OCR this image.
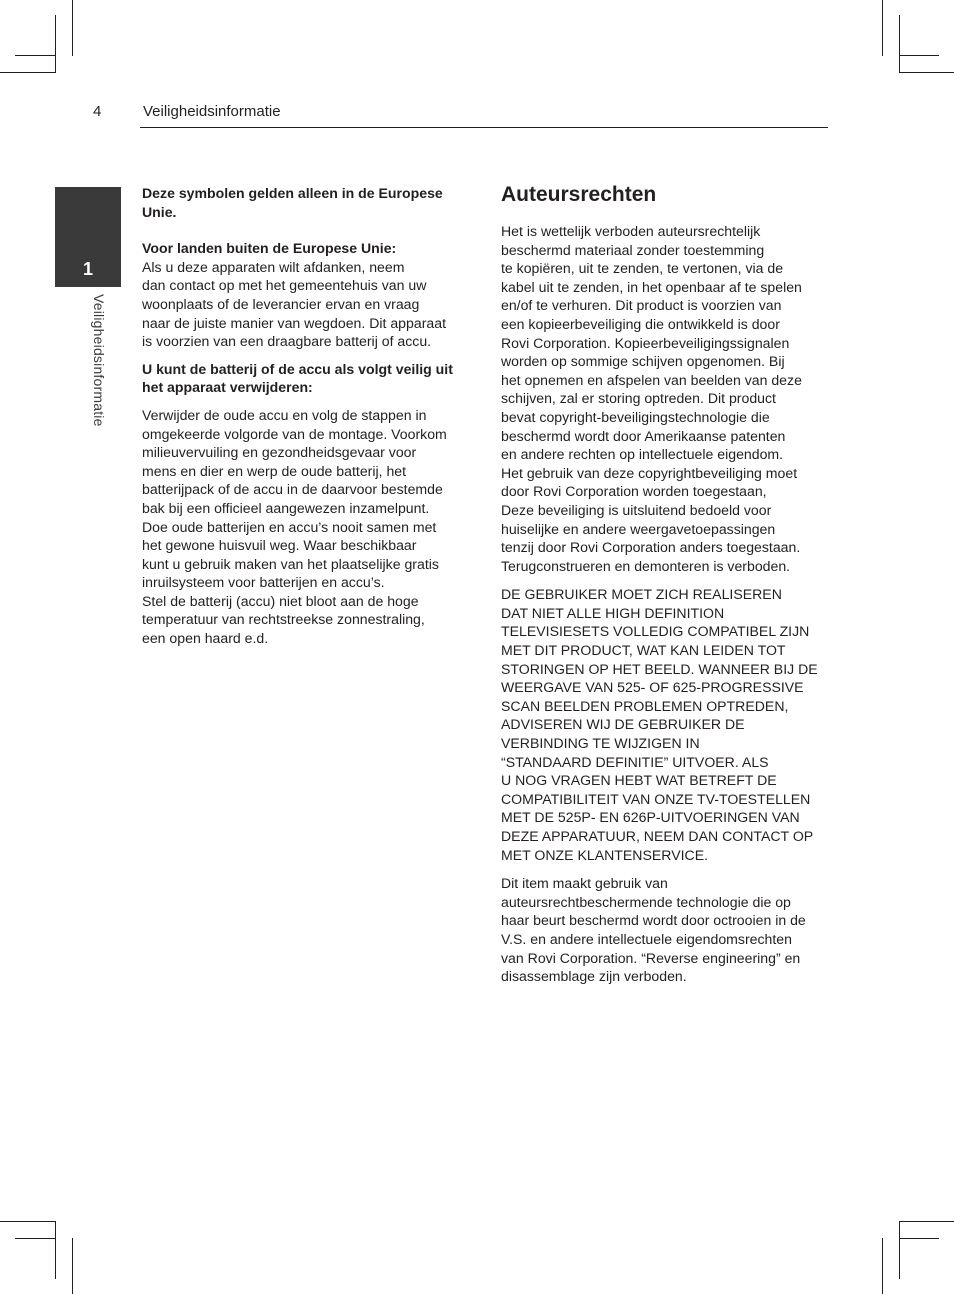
4	Veiligheidsinformatie
1
Veiligheidsinformatie

Deze symbolen gelden alleen in de Europese
Unie.

Voor landen buiten de Europese Unie:

Als u deze apparaten wilt afdanken, neem
dan contact op met het gemeentehuis van uw
woonplaats of de leverancier ervan en vraag
naar de juiste manier van wegdoen. Dit apparaat
is voorzien van een draagbare batterij of accu.

U kunt de batterij of de accu als volgt veilig uit
het apparaat verwijderen:

Verwijder de oude accu en volg de stappen in
omgekeerde volgorde van de montage. Voorkom
milieuvervuiling en gezondheidsgevaar voor
mens en dier en werp de oude batterij, het
batterijpack of de accu in de daarvoor bestemde
bak bij een officieel aangewezen inzamelpunt.
Doe oude batterijen en accu’s nooit samen met
het gewone huisvuil weg. Waar beschikbaar
kunt u gebruik maken van het plaatselijke gratis
inruilsysteem voor batterijen en accu’s.
Stel de batterij (accu) niet bloot aan de hoge
temperatuur van rechtstreekse zonnestraling,
een open haard e.d.

Auteursrechten

Het is wettelijk verboden auteursrechtelijk
beschermd materiaal zonder toestemming
te kopiëren, uit te zenden, te vertonen, via de
kabel uit te zenden, in het openbaar af te spelen
en/of te verhuren. Dit product is voorzien van
een kopieerbeveiliging die ontwikkeld is door
Rovi Corporation. Kopieerbeveiligingssignalen
worden op sommige schijven opgenomen. Bij
het opnemen en afspelen van beelden van deze
schijven, zal er storing optreden. Dit product
bevat copyright-beveiligingstechnologie die
beschermd wordt door Amerikaanse patenten
en andere rechten op intellectuele eigendom.
Het gebruik van deze copyrightbeveiliging moet
door Rovi Corporation worden toegestaan,
Deze beveiliging is uitsluitend bedoeld voor
huiselijke en andere weergavetoepassingen
tenzij door Rovi Corporation anders toegestaan.
Terugconstrueren en demonteren is verboden.

DE GEBRUIKER MOET ZICH REALISEREN
DAT NIET ALLE HIGH DEFINITION
TELEVISIESETS VOLLEDIG COMPATIBEL ZIJN
MET DIT PRODUCT, WAT KAN LEIDEN TOT
STORINGEN OP HET BEELD. WANNEER BIJ DE
WEERGAVE VAN 525- OF 625-PROGRESSIVE
SCAN BEELDEN PROBLEMEN OPTREDEN,
ADVISEREN WIJ DE GEBRUIKER DE
VERBINDING TE WIJZIGEN IN
“STANDAARD DEFINITIE” UITVOER. ALS
U NOG VRAGEN HEBT WAT BETREFT DE
COMPATIBILITEIT VAN ONZE TV-TOESTELLEN
MET DE 525P- EN 626P-UITVOERINGEN VAN
DEZE APPARATUUR, NEEM DAN CONTACT OP
MET ONZE KLANTENSERVICE.

Dit item maakt gebruik van
auteursrechtbeschermende technologie die op
haar beurt beschermd wordt door octrooien in de
V.S. en andere intellectuele eigendomsrechten
van Rovi Corporation. “Reverse engineering” en
disassemblage zijn verboden.
